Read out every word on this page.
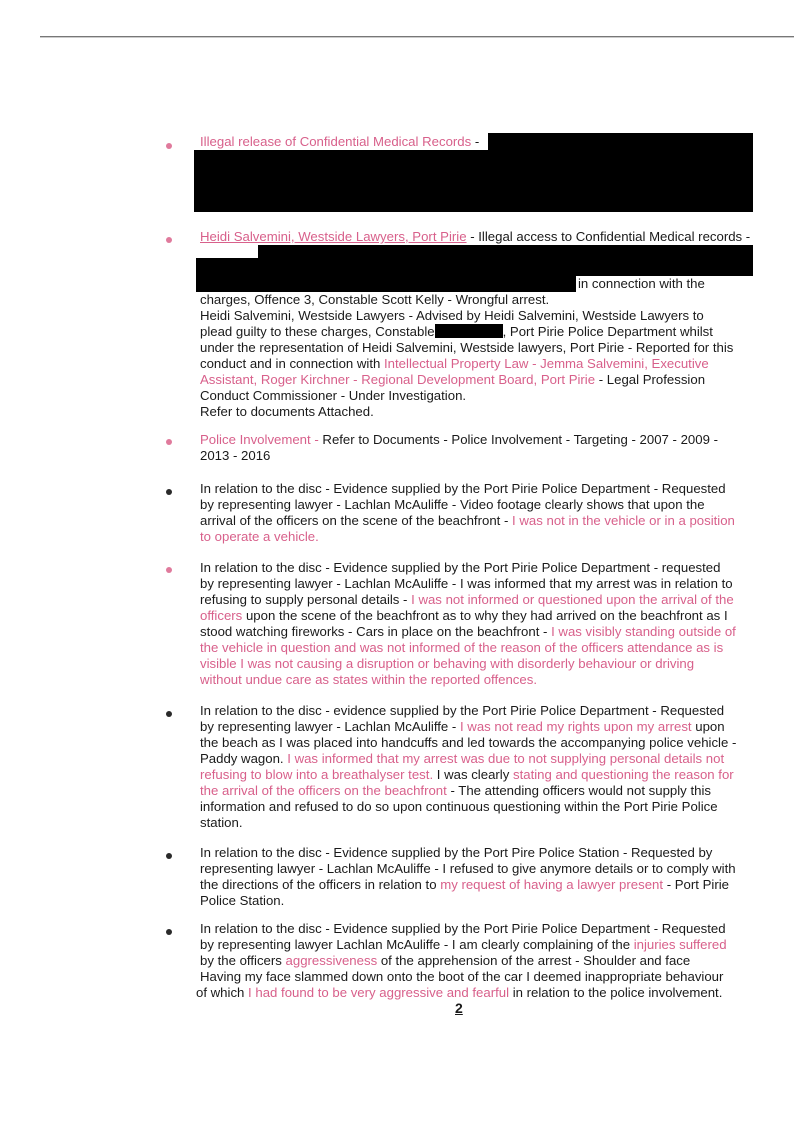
Illegal release of Confidential Medical Records -
Heidi Salvemini, Westside Lawyers, Port Pirie - Illegal access to Confidential Medical records -
in connection with the
charges, Offence 3, Constable Scott Kelly - Wrongful arrest.
Heidi Salvemini, Westside Lawyers - Advised by Heidi Salvemini, Westside Lawyers to
plead guilty to these charges, Constable	, Port Pirie Police Department whilst
under the representation of Heidi Salvemini, Westside lawyers, Port Pirie - Reported for this
conduct and in connection with Intellectual Property Law - Jemma Salvemini, Executive
Assistant, Roger Kirchner - Regional Development Board, Port Pirie - Legal Profession
Conduct Commissioner - Under Investigation.
Refer to documents Attached.
Police Involvement - Refer to Documents - Police Involvement - Targeting - 2007 - 2009 -
2013 - 2016
In relation to the disc - Evidence supplied by the Port Pirie Police Department - Requested
by representing lawyer - Lachlan McAuliffe - Video footage clearly shows that upon the
arrival of the officers on the scene of the beachfront - I was not in the vehicle or in a position
to operate a vehicle.
In relation to the disc - Evidence supplied by the Port Pirie Police Department - requested
by representing lawyer - Lachlan McAuliffe - I was informed that my arrest was in relation to
refusing to supply personal details - I was not informed or questioned upon the arrival of the
officers upon the scene of the beachfront as to why they had arrived on the beachfront as I
stood watching fireworks - Cars in place on the beachfront - I was visibly standing outside of
the vehicle in question and was not informed of the reason of the officers attendance as is
visible I was not causing a disruption or behaving with disorderly behaviour or driving
without undue care as states within the reported offences.
In relation to the disc - evidence supplied by the Port Pirie Police Department - Requested
by representing lawyer - Lachlan McAuliffe - I was not read my rights upon my arrest upon
the beach as I was placed into handcuffs and led towards the accompanying police vehicle -
Paddy wagon. I was informed that my arrest was due to not supplying personal details not
refusing to blow into a breathalyser test. I was clearly stating and questioning the reason for
the arrival of the officers on the beachfront - The attending officers would not supply this
information and refused to do so upon continuous questioning within the Port Pirie Police
station.
In relation to the disc - Evidence supplied by the Port Pire Police Station - Requested by
representing lawyer - Lachlan McAuliffe - I refused to give anymore details or to comply with
the directions of the officers in relation to my request of having a lawyer present - Port Pirie
Police Station.
In relation to the disc - Evidence supplied by the Port Pirie Police Department - Requested
by representing lawyer Lachlan McAuliffe - I am clearly complaining of the injuries suffered
by the officers aggressiveness of the apprehension of the arrest - Shoulder and face
Having my face slammed down onto the boot of the car I deemed inappropriate behaviour
of which I had found to be very aggressive and fearful in relation to the police involvement.
2
